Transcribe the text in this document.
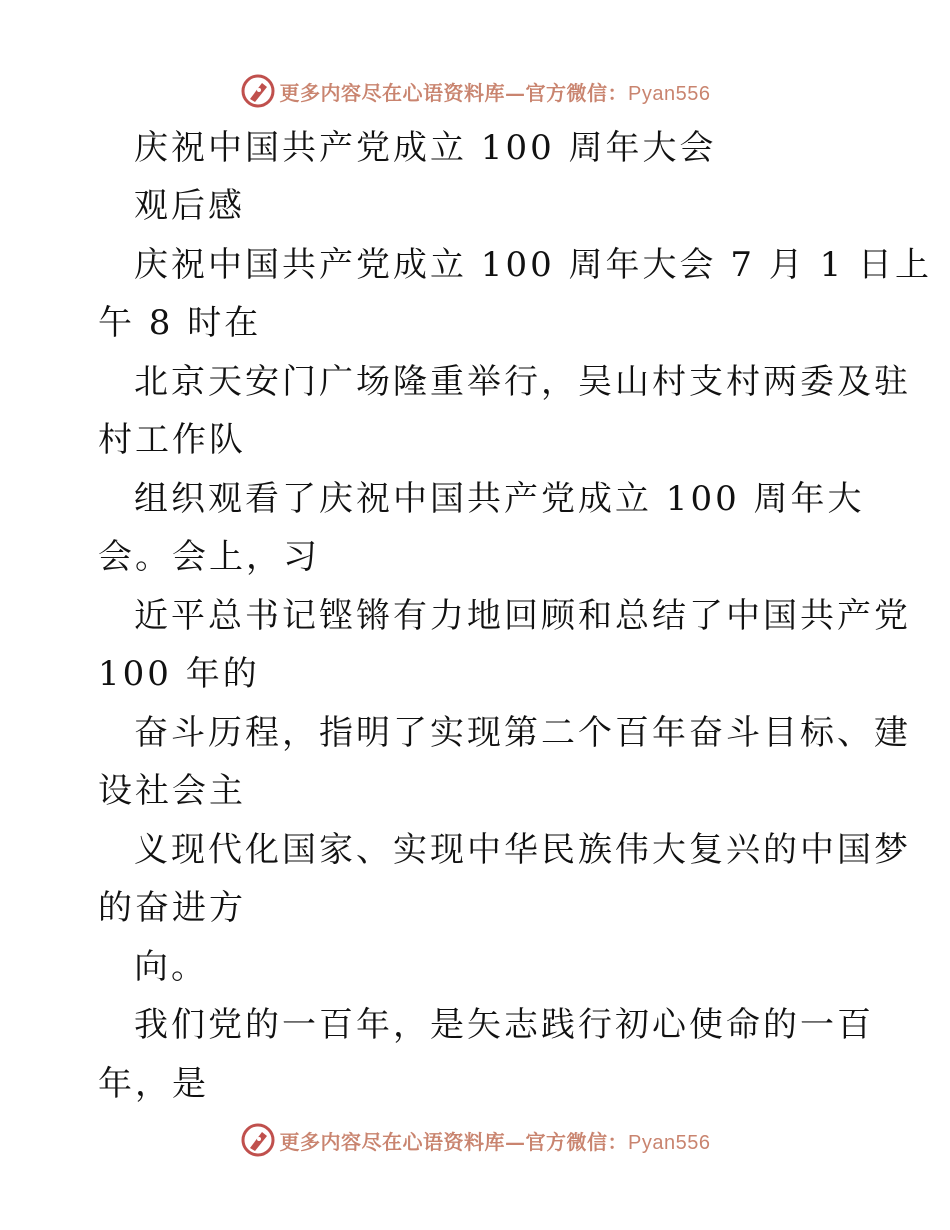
更多内容尽在心语资料库—官方微信：Pyan556
庆祝中国共产党成立 100 周年大会
观后感
庆祝中国共产党成立 100 周年大会 7 月 1 日上
午 8 时在
北京天安门广场隆重举行，吴山村支村两委及驻
村工作队
组织观看了庆祝中国共产党成立 100 周年大
会。会上，习
近平总书记铿锵有力地回顾和总结了中国共产党
100 年的
奋斗历程，指明了实现第二个百年奋斗目标、建
设社会主
义现代化国家、实现中华民族伟大复兴的中国梦
的奋进方
向。
我们党的一百年，是矢志践行初心使命的一百
年，是
更多内容尽在心语资料库—官方微信：Pyan556
